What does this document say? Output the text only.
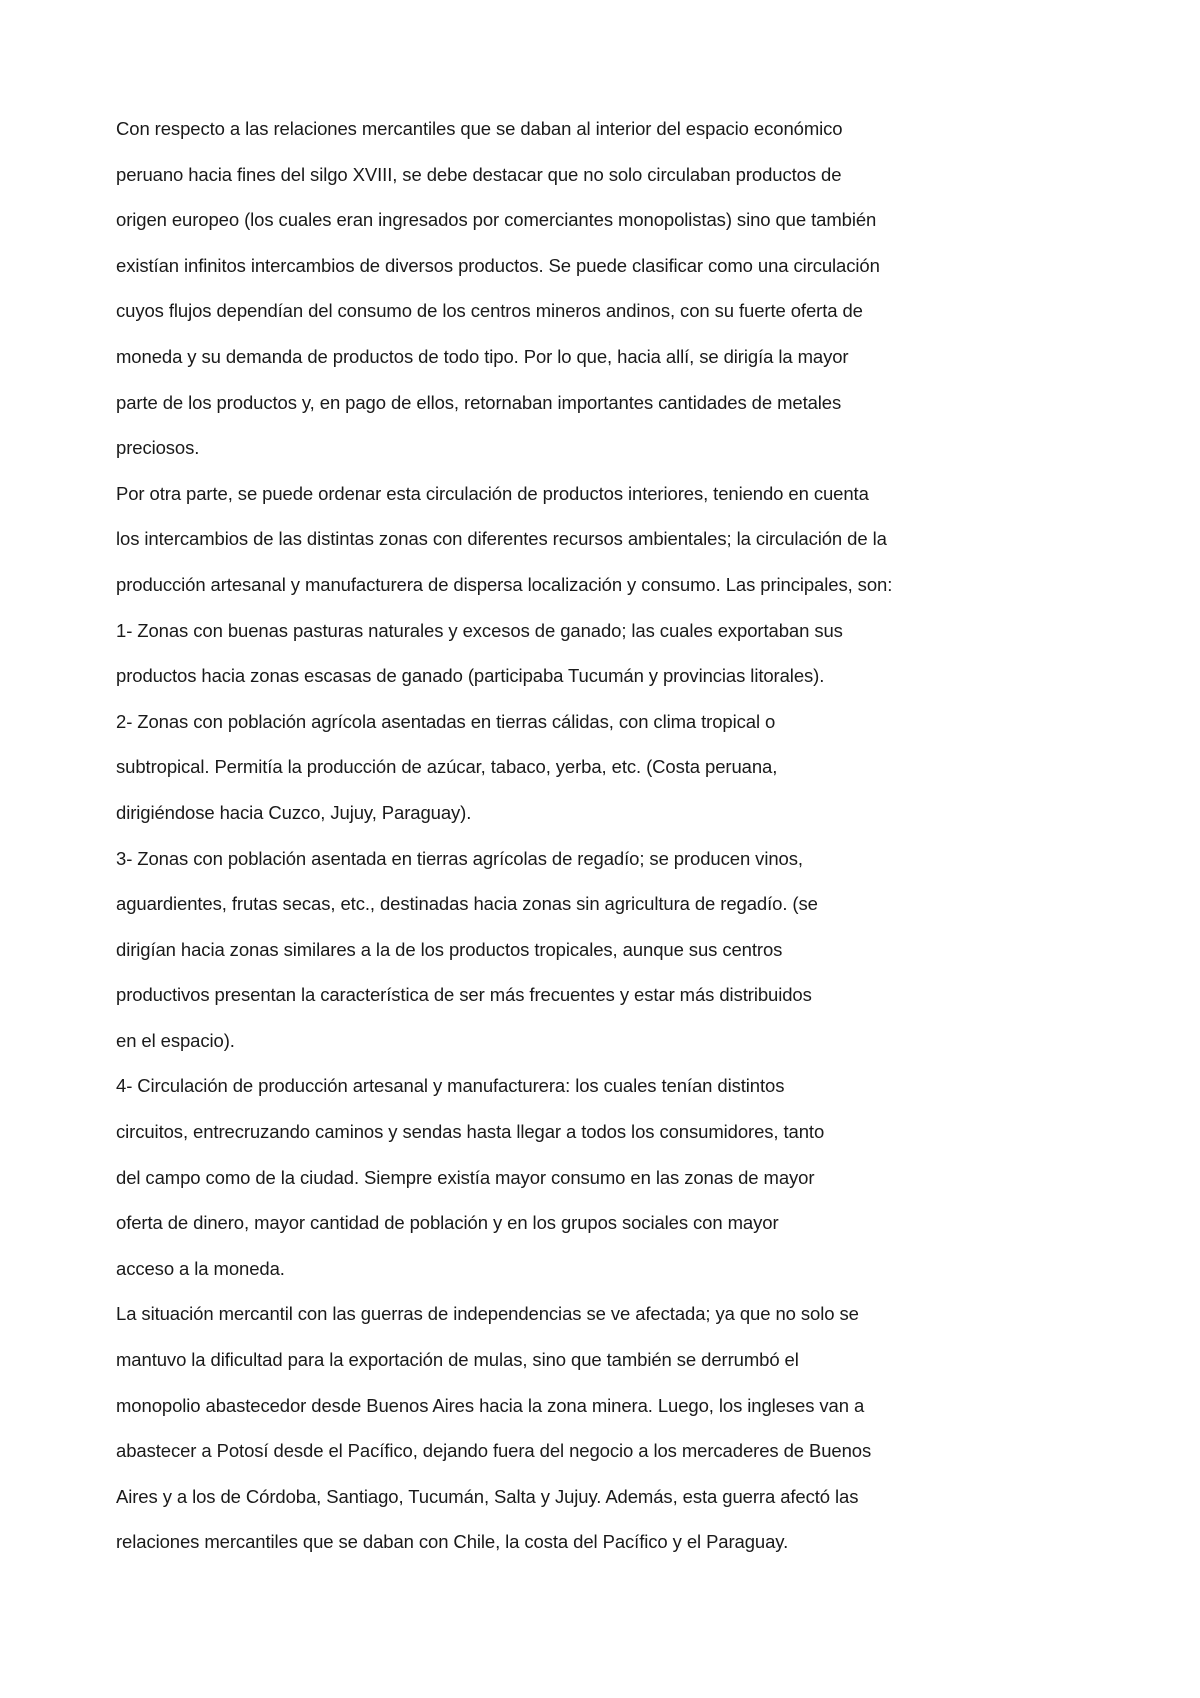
Con respecto a las relaciones mercantiles que se daban al interior del espacio económico
peruano hacia fines del silgo XVIII, se debe destacar que no solo circulaban productos de
origen europeo (los cuales eran ingresados por comerciantes monopolistas) sino que también
existían infinitos intercambios de diversos productos. Se puede clasificar como una circulación
cuyos flujos dependían del consumo de los centros mineros andinos, con su fuerte oferta de
moneda y su demanda de productos de todo tipo. Por lo que, hacia allí, se dirigía la mayor
parte de los productos y, en pago de ellos, retornaban importantes cantidades de metales
preciosos.
Por otra parte, se puede ordenar esta circulación de productos interiores, teniendo en cuenta
los intercambios de las distintas zonas con diferentes recursos ambientales; la circulación de la
producción artesanal y manufacturera de dispersa localización y consumo. Las principales, son:
1- Zonas con buenas pasturas naturales y excesos de ganado; las cuales exportaban sus
productos hacia zonas escasas de ganado (participaba Tucumán y provincias litorales).
2- Zonas con población agrícola asentadas en tierras cálidas, con clima tropical o
subtropical. Permitía la producción de azúcar, tabaco, yerba, etc. (Costa peruana,
dirigiéndose hacia Cuzco, Jujuy, Paraguay).
3- Zonas con población asentada en tierras agrícolas de regadío; se producen vinos,
aguardientes, frutas secas, etc., destinadas hacia zonas sin agricultura de regadío. (se
dirigían hacia zonas similares a la de los productos tropicales, aunque sus centros
productivos presentan la característica de ser más frecuentes y estar más distribuidos
en el espacio).
4- Circulación de producción artesanal y manufacturera: los cuales tenían distintos
circuitos, entrecruzando caminos y sendas hasta llegar a todos los consumidores, tanto
del campo como de la ciudad. Siempre existía mayor consumo en las zonas de mayor
oferta de dinero, mayor cantidad de población y en los grupos sociales con mayor
acceso a la moneda.
La situación mercantil con las guerras de independencias se ve afectada; ya que no solo se
mantuvo la dificultad para la exportación de mulas, sino que también se derrumbó el
monopolio abastecedor desde Buenos Aires hacia la zona minera. Luego, los ingleses van a
abastecer a Potosí desde el Pacífico, dejando fuera del negocio a los mercaderes de Buenos
Aires y a los de Córdoba, Santiago, Tucumán, Salta y Jujuy. Además, esta guerra afectó las
relaciones mercantiles que se daban con Chile, la costa del Pacífico y el Paraguay.
